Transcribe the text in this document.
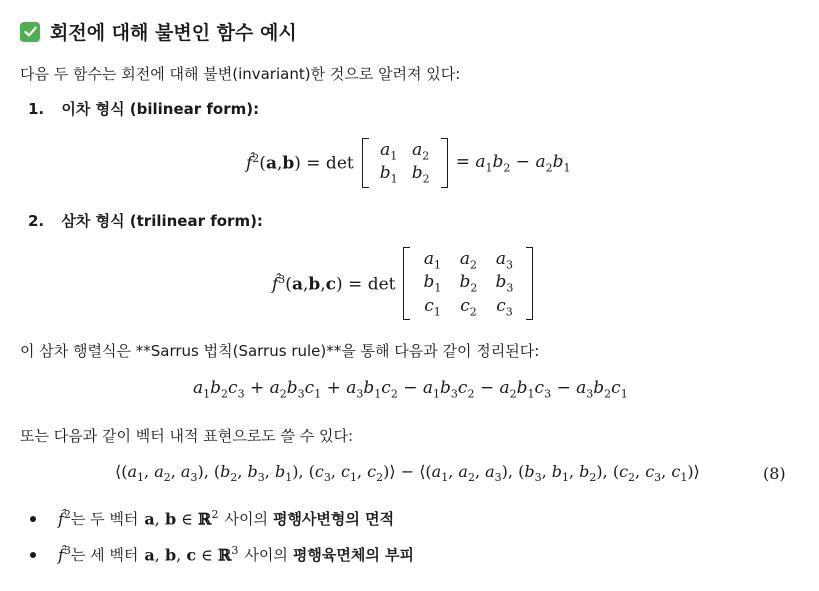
회전에 대해 불변인 함수 예시
다음 두 함수는 회전에 대해 불변(invariant)한 것으로 알려져 있다:
1. 이차 형식 (bilinear form):
f̂$^2$(a,b) = det
$a_1$ $a_2$
$b_1$ $b_2$
= $a_1b_2 - a_2b_1$
2. 삼차 형식 (trilinear form):
f̂$^3$(a,b,c) = det
$a_1$	$a_2$	$a_3$
$b_1$	$b_2$	$b_3$
$c_1$	$c_2$	$c_3$
이 삼차 행렬식은 **Sarrus 법칙(Sarrus rule)**을 통해 다음과 같이 정리된다:
$a_1b_2c_3 + a_2b_3c_1 + a_3b_1c_2 - a_1b_3c_2 - a_2b_1c_3 - a_3b_2c_1$
또는 다음과 같이 벡터 내적 표현으로도 쓸 수 있다:
$⟨(a_1$, $a_2$, $a_3$), ($b_2$, $b_3$, $b_1$), ($c_3$, $c_1$, $c_2)⟩$ − $⟨(a_1$, $a_2$, $a_3$), ($b_3$, $b_1$, $b_2$), ($c_2$, $c_3$, $c_1)⟩$	(8)
f̂$^2$ 는 두 벡터 a, b ∈ ℝ$^2$ 사이의 평행사변형의 면적
f̂$^3$ 는 세 벡터 a, b, c ∈ ℝ$^3$ 사이의 평행육면체의 부피
